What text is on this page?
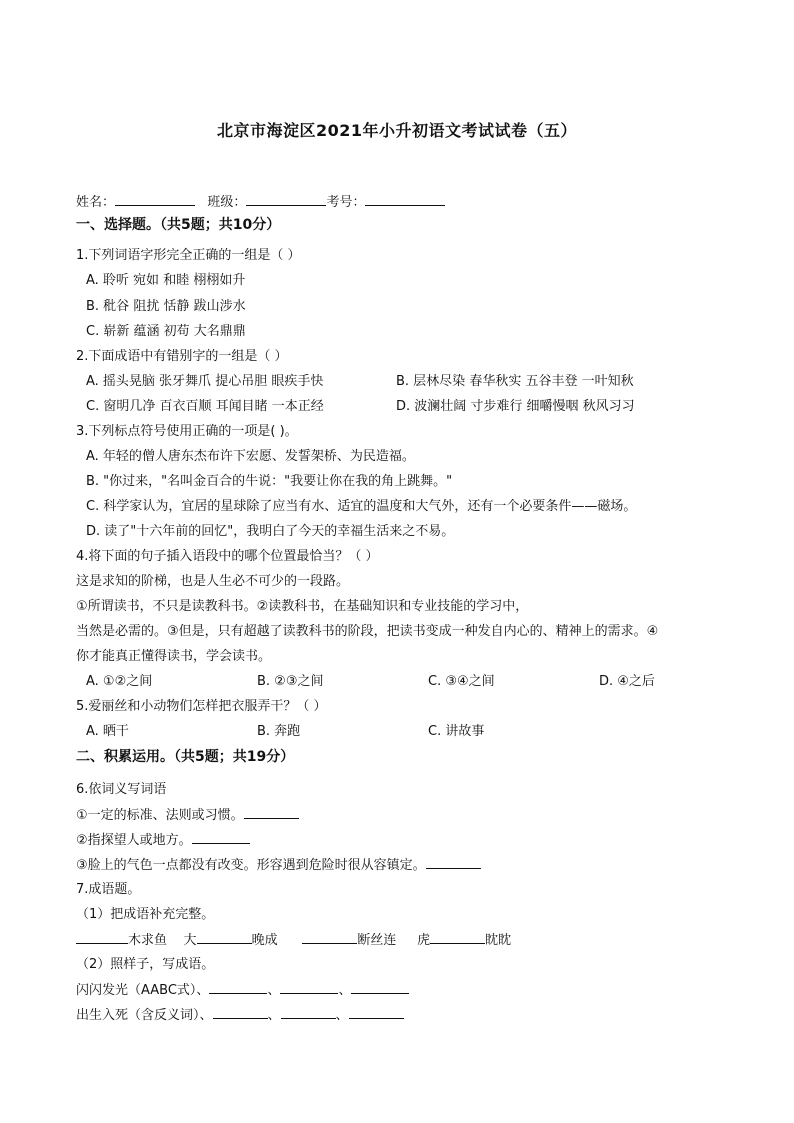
北京市海淀区2021年小升初语文考试试卷（五）
姓名：	班级：	考号：
一、选择题。（共5题；共10分）
1.下列词语字形完全正确的一组是（ ）
A. 聆听 宛如 和睦 栩栩如升
B. 秕谷 阻扰 恬静 跋山涉水
C. 崭新 蕴涵 初苟 大名鼎鼎
2.下面成语中有错别字的一组是（ ）
A. 摇头晃脑 张牙舞爪 提心吊胆 眼疾手快	B. 层林尽染 春华秋实 五谷丰登 一叶知秋
C. 窗明几净 百衣百顺 耳闻目睹 一本正经	D. 波澜壮阔 寸步难行 细嚼慢咽 秋风习习
3.下列标点符号使用正确的一项是( )。
A. 年轻的僧人唐东杰布许下宏愿、发誓架桥、为民造福。
B. "你过来，"名叫金百合的牛说："我要让你在我的角上跳舞。"
C. 科学家认为，宜居的星球除了应当有水、适宜的温度和大气外，还有一个必要条件——磁场。
D. 读了"十六年前的回忆"，我明白了今天的幸福生活来之不易。
4.将下面的句子插入语段中的哪个位置最恰当？（ ）
这是求知的阶梯，也是人生必不可少的一段路。
①所谓读书，不只是读教科书。②读教科书，在基础知识和专业技能的学习中，
当然是必需的。③但是，只有超越了读教科书的阶段，把读书变成一种发自内心的、精神上的需求。④
你才能真正懂得读书，学会读书。
A. ①②之间	B. ②③之间	C. ③④之间	D. ④之后
5.爱丽丝和小动物们怎样把衣服弄干？（ ）
A. 晒干	B. 奔跑	C. 讲故事
二、积累运用。（共5题；共19分）
6.依词义写词语
①一定的标准、法则或习惯。
②指探望人或地方。
③脸上的气色一点都没有改变。形容遇到危险时很从容镇定。
7.成语题。
（1）把成语补充完整。
木求鱼 大	晚成	断丝连 虎	眈眈
（2）照样子，写成语。
闪闪发光（AABC式）、	、	、
出生入死（含反义词）、	、	、
